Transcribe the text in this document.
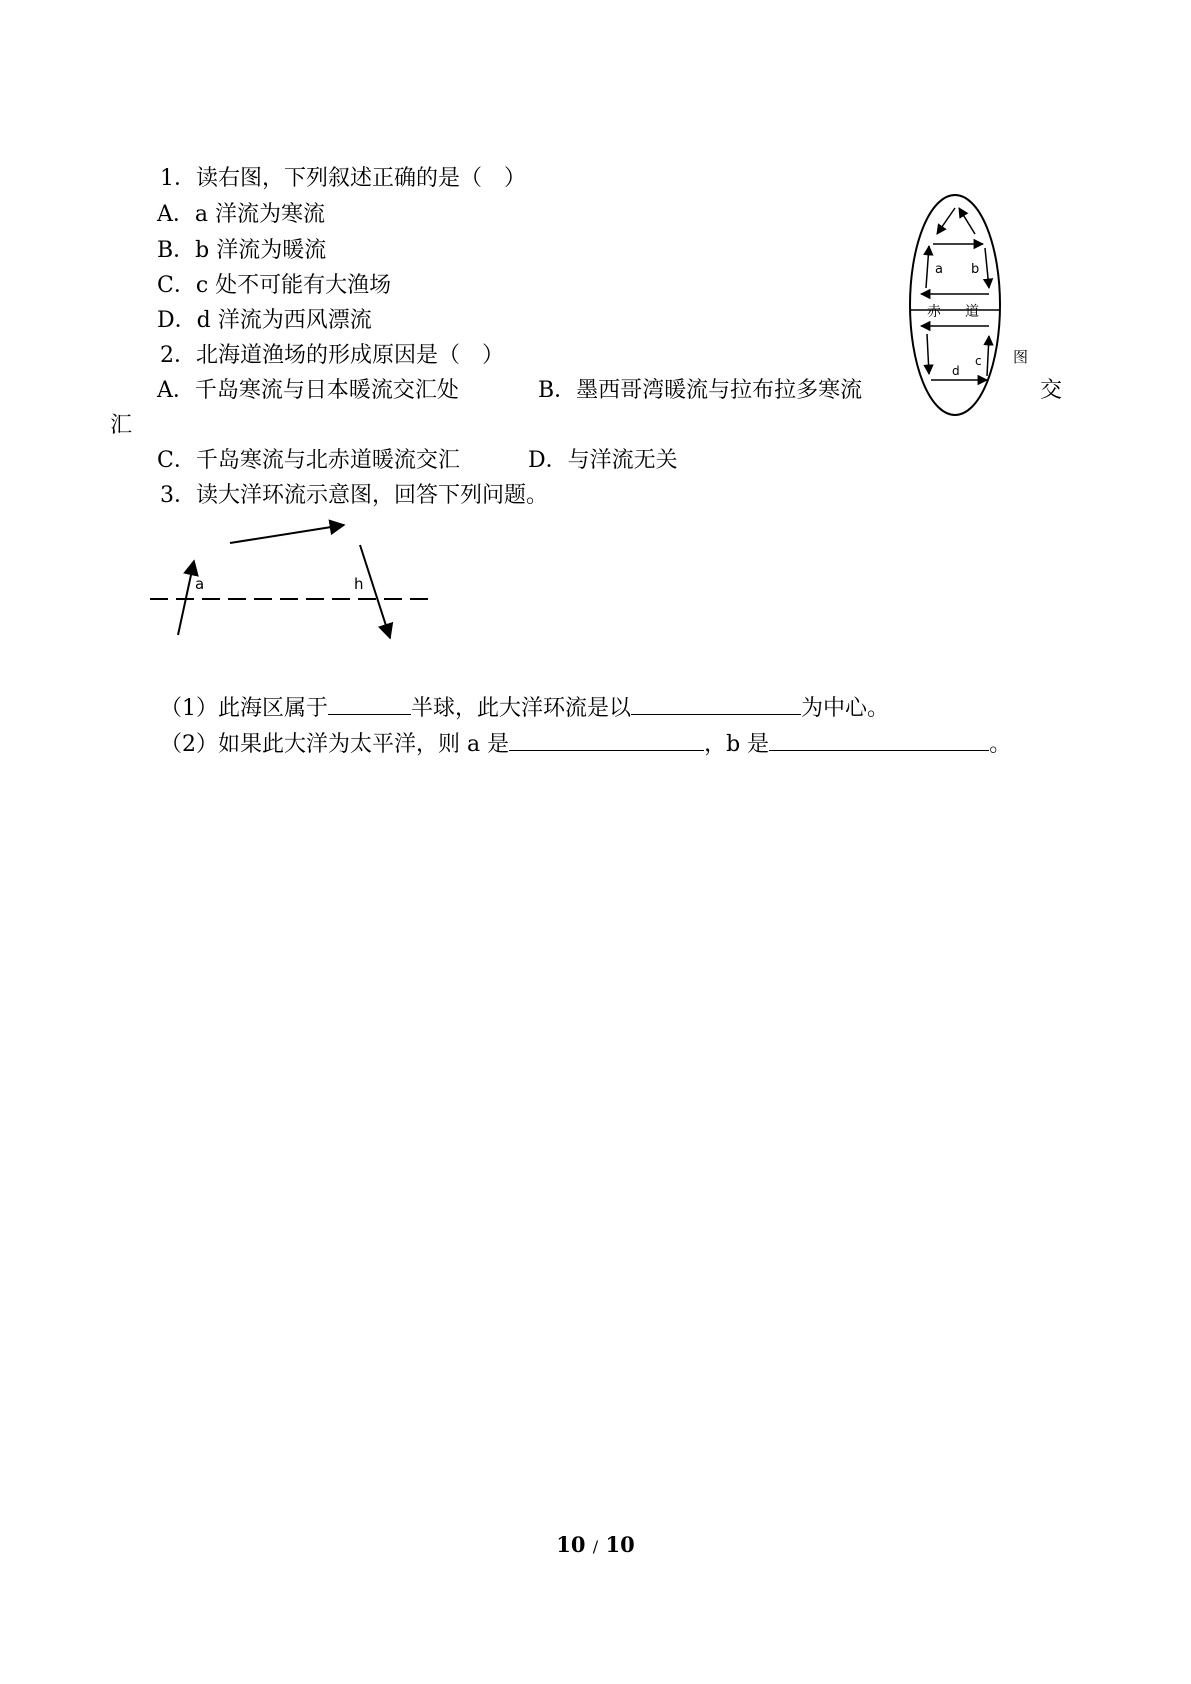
1．读右图，下列叙述正确的是（　）
A．a 洋流为寒流
B．b 洋流为暖流
C．c 处不可能有大渔场
D．d 洋流为西风漂流
2．北海道渔场的形成原因是（　）
A．千岛寒流与日本暖流交汇处	B．墨西哥湾暖流与拉布拉多寒流	交
汇
C．千岛寒流与北赤道暖流交汇	D．与洋流无关
3．读大洋环流示意图，回答下列问题。
a b
赤 道
c
d
图
a	h
（1）此海区属于	半球，此大洋环流是以	为中心。
（2）如果此大洋为太平洋，则 a 是	，b 是	。
10 / 10
